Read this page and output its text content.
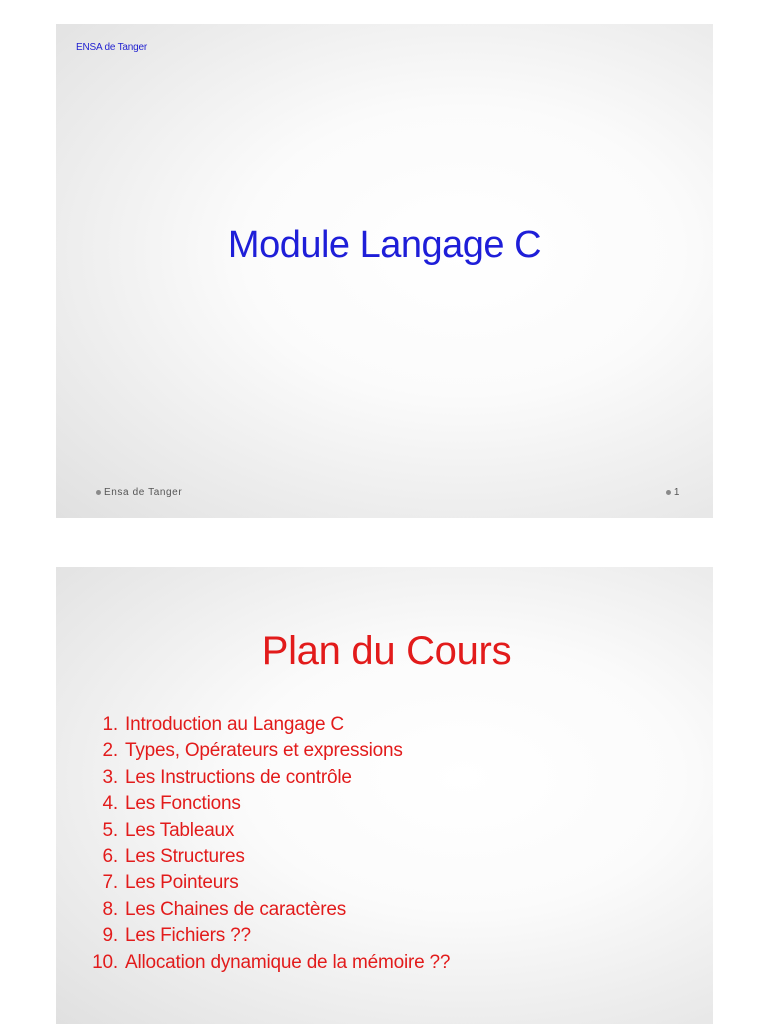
ENSA de Tanger
Module Langage C
Ensa de Tanger	1
Plan du Cours
1. Introduction au Langage C
2. Types, Opérateurs et expressions
3. Les Instructions de contrôle
4. Les Fonctions
5. Les Tableaux
6. Les Structures
7. Les Pointeurs
8. Les Chaines de caractères
9. Les Fichiers ??
10. Allocation dynamique de la mémoire ??
